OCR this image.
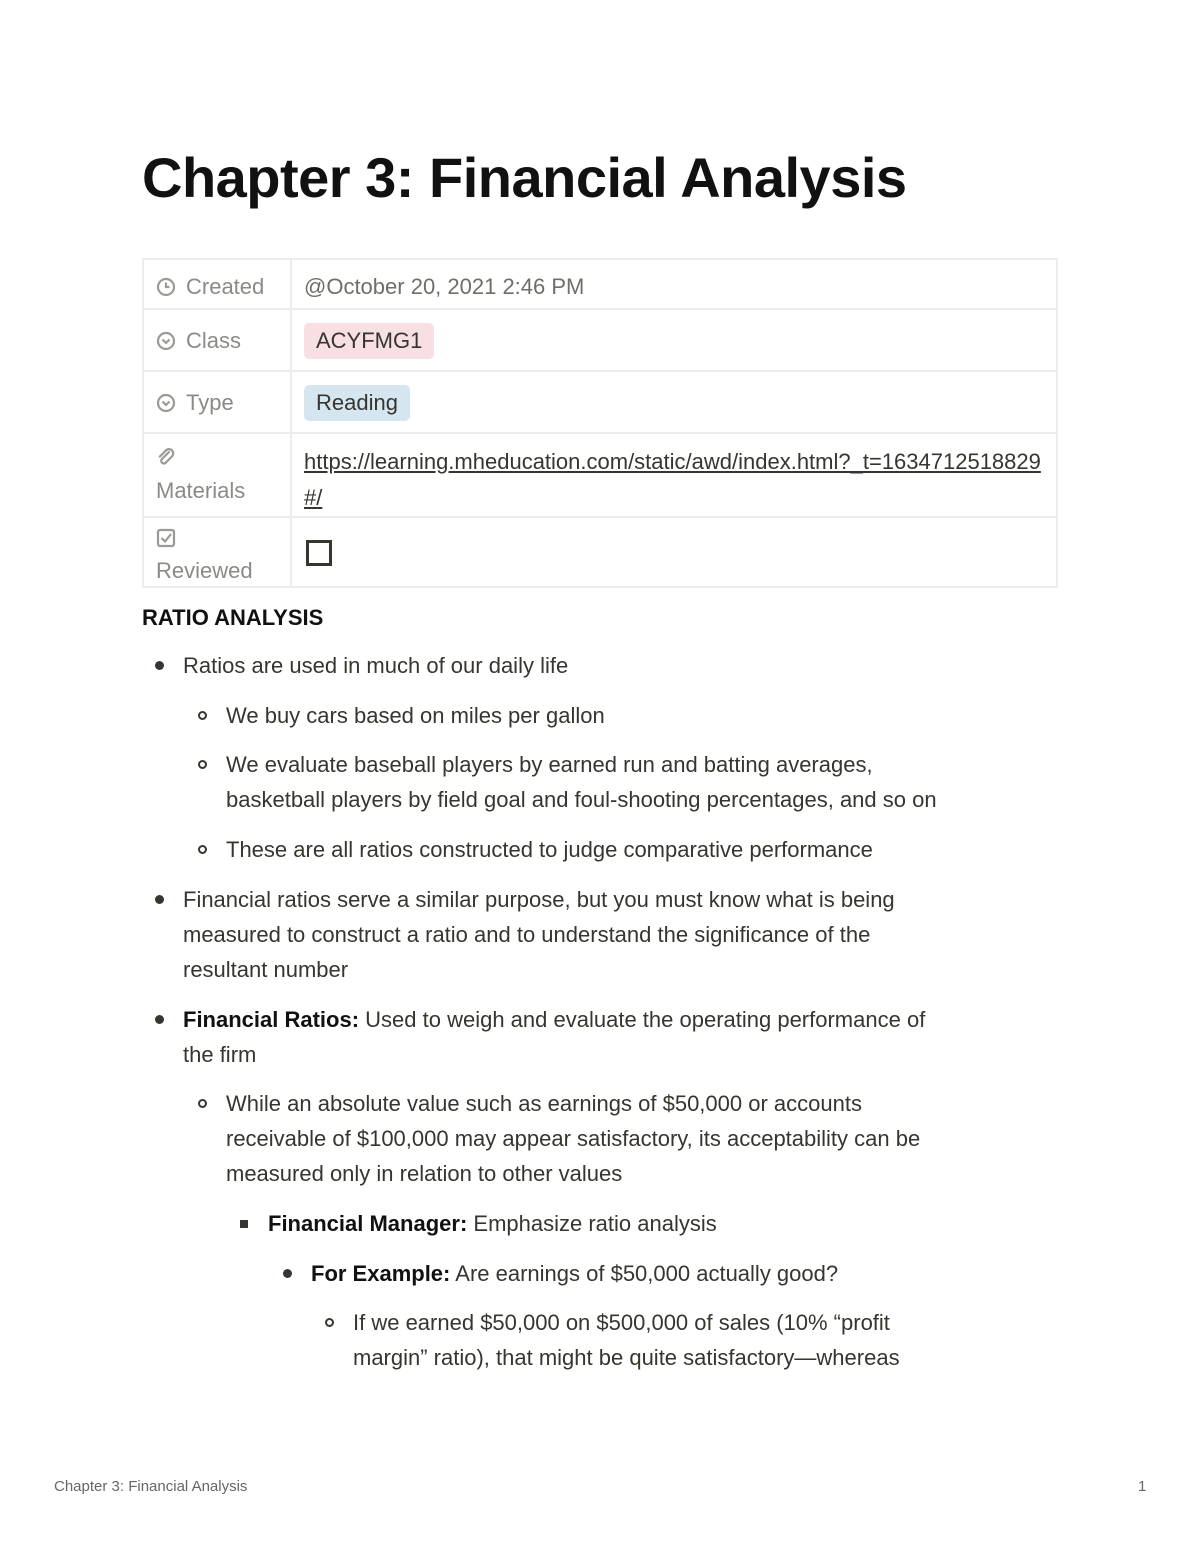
Chapter 3: Financial Analysis
Created	@October 20, 2021 2:46 PM

Class	ACYFMG1

Type	Reading

Materials	https://learning.mheducation.com/static/awd/index.html?_t=1634712518829#/

Reviewed	

RATIO ANALYSIS
Ratios are used in much of our daily life
We buy cars based on miles per gallon
We evaluate baseball players by earned run and batting averages,
basketball players by field goal and foul-shooting percentages, and so on
These are all ratios constructed to judge comparative performance
Financial ratios serve a similar purpose, but you must know what is being
measured to construct a ratio and to understand the significance of the
resultant number
Financial Ratios: Used to weigh and evaluate the operating performance of
the firm
While an absolute value such as earnings of $50,000 or accounts
receivable of $100,000 may appear satisfactory, its acceptability can be
measured only in relation to other values
Financial Manager: Emphasize ratio analysis
For Example: Are earnings of $50,000 actually good?
If we earned $50,000 on $500,000 of sales (10% “profit
margin” ratio), that might be quite satisfactory—whereas
Chapter 3: Financial Analysis	1
